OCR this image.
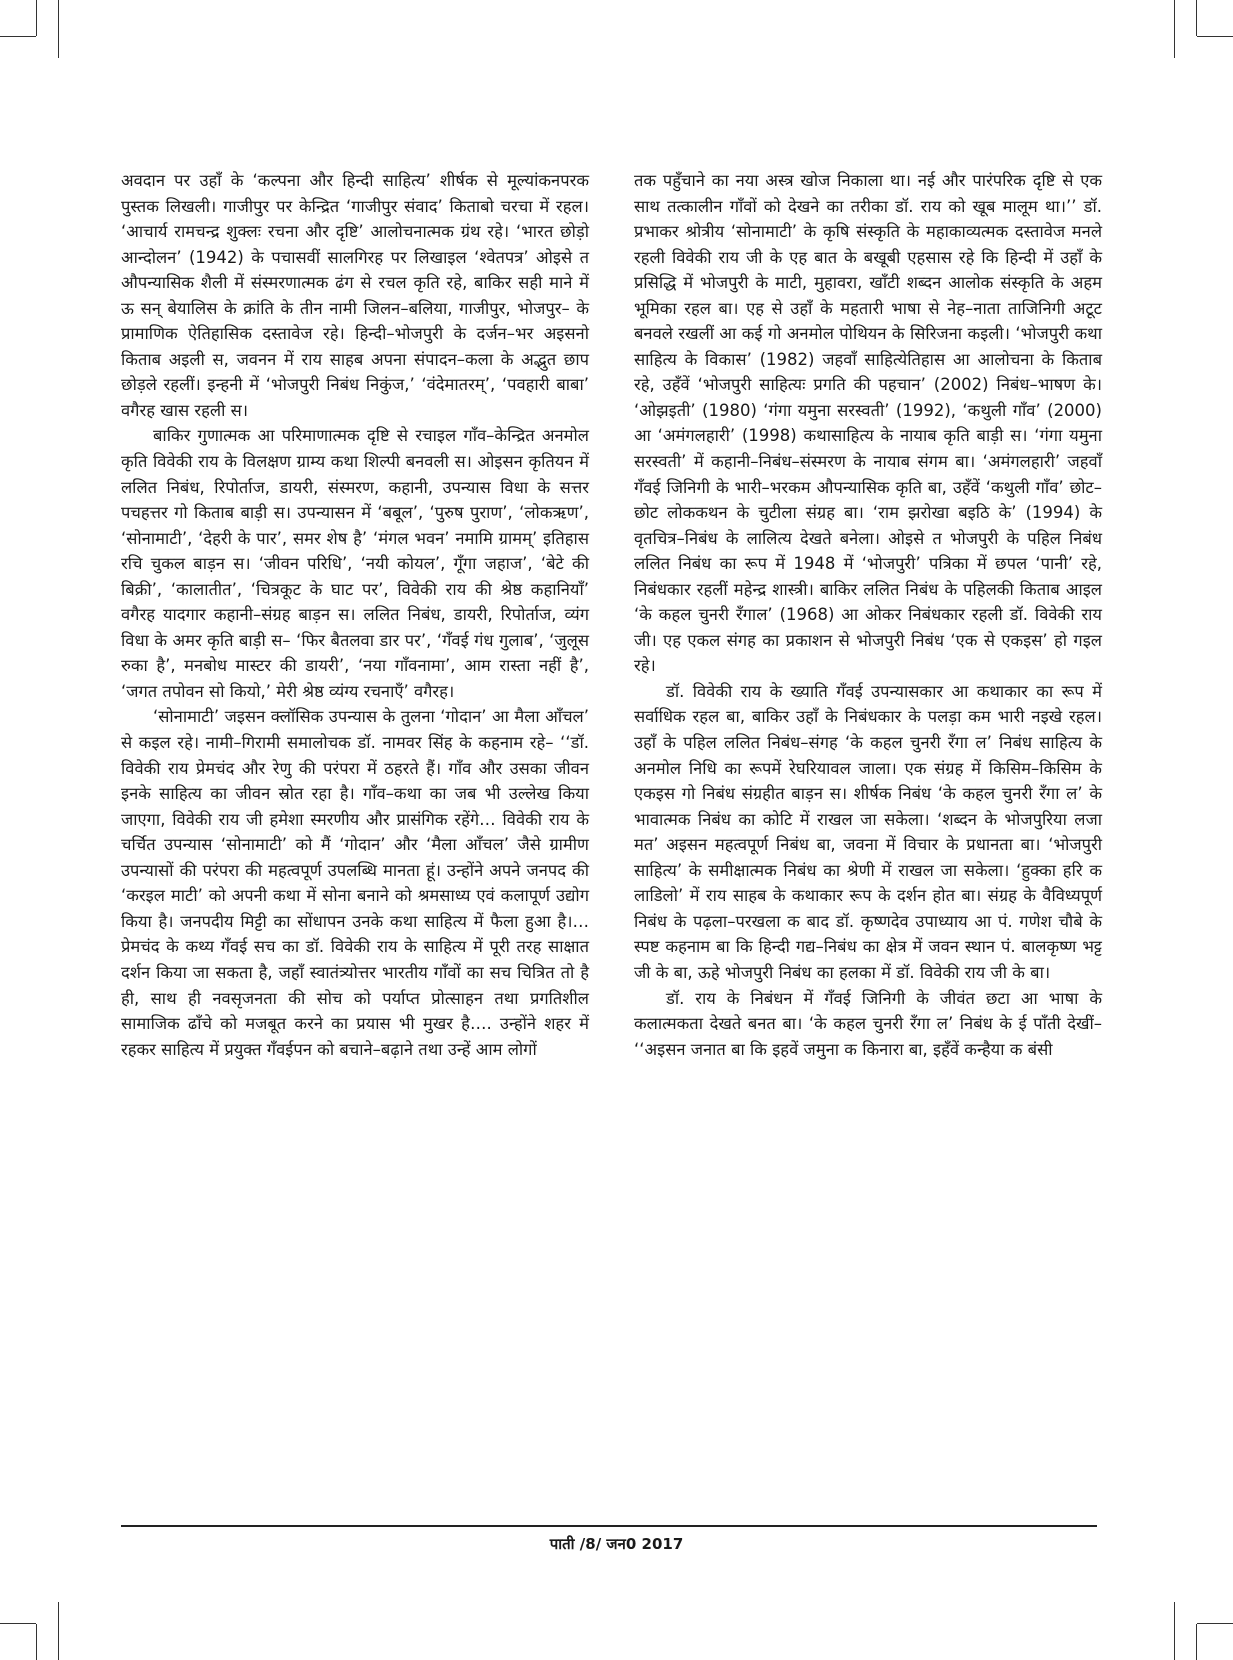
अवदान पर उहाँ के ‘कल्पना और हिन्दी साहित्य’ शीर्षक से मूल्यांकनपरक पुस्तक लिखली। गाजीपुर पर केन्द्रित ‘गाजीपुर संवाद’ किताबो चरचा में रहल। ‘आचार्य रामचन्द्र शुक्लः रचना और दृष्टि’ आलोचनात्मक ग्रंथ रहे। ‘भारत छोड़ो आन्दोलन’ (1942) के पचासवीं सालगिरह पर लिखाइल ‘श्वेतपत्र’ ओइसे त औपन्यासिक शैली में संस्मरणात्मक ढंग से रचल कृति रहे, बाकिर सही माने में ऊ सन् बेयालिस के क्रांति के तीन नामी जिलन–बलिया, गाजीपुर, भोजपुर– के प्रामाणिक ऐतिहासिक दस्तावेज रहे। हिन्दी–भोजपुरी के दर्जन–भर अइसनो किताब अइली स, जवनन में राय साहब अपना संपादन–कला के अद्भुत छाप छोड़ले रहलीं। इन्हनी में ‘भोजपुरी निबंध निकुंज,’ ‘वंदेमातरम्’, ‘पवहारी बाबा’ वगैरह खास रहली स।

बाकिर गुणात्मक आ परिमाणात्मक दृष्टि से रचाइल गाँव–केन्द्रित अनमोल कृति विवेकी राय के विलक्षण ग्राम्य कथा शिल्पी बनवली स। ओइसन कृतियन में ललित निबंध, रिपोर्ताज, डायरी, संस्मरण, कहानी, उपन्यास विधा के सत्तर पचहत्तर गो किताब बाड़ी स। उपन्यासन में ‘बबूल’, ‘पुरुष पुराण’, ‘लोकऋण’, ‘सोनामाटी’, ‘देहरी के पार’, समर शेष है’ ‘मंगल भवन’ नमामि ग्रामम्’ इतिहास रचि चुकल बाड़न स। ‘जीवन परिधि’, ‘नयी कोयल’, गूँगा जहाज’, ‘बेटे की बिक्री’, ‘कालातीत’, ‘चित्रकूट के घाट पर’, विवेकी राय की श्रेष्ठ कहानियाँ’ वगैरह यादगार कहानी–संग्रह बाड़न स। ललित निबंध, डायरी, रिपोर्ताज, व्यंग विधा के अमर कृति बाड़ी स– ‘फिर बैतलवा डार पर’, ‘गँवई गंध गुलाब’, ‘जुलूस रुका है’, मनबोध मास्टर की डायरी’, ‘नया गाँवनामा’, आम रास्ता नहीं है’, ‘जगत तपोवन सो कियो,’ मेरी श्रेष्ठ व्यंग्य रचनाएँ’ वगैरह।

‘सोनामाटी’ जइसन क्लॉसिक उपन्यास के तुलना ‘गोदान’ आ मैला आँचल’ से कइल रहे। नामी–गिरामी समालोचक डॉ. नामवर सिंह के कहनाम रहे– ‘‘डॉ. विवेकी राय प्रेमचंद और रेणु की परंपरा में ठहरते हैं। गाँव और उसका जीवन इनके साहित्य का जीवन स्रोत रहा है। गाँव–कथा का जब भी उल्लेख किया जाएगा, विवेकी राय जी हमेशा स्मरणीय और प्रासंगिक रहेंगे… विवेकी राय के चर्चित उपन्यास ‘सोनामाटी’ को मैं ‘गोदान’ और ‘मैला आँचल’ जैसे ग्रामीण उपन्यासों की परंपरा की महत्वपूर्ण उपलब्धि मानता हूं। उन्होंने अपने जनपद की ‘करइल माटी’ को अपनी कथा में सोना बनाने को श्रमसाध्य एवं कलापूर्ण उद्योग किया है। जनपदीय मिट्टी का सोंधापन उनके कथा साहित्य में फैला हुआ है।…प्रेमचंद के कथ्य गँवई सच का डॉ. विवेकी राय के साहित्य में पूरी तरह साक्षात दर्शन किया जा सकता है, जहाँ स्वातंत्र्योत्तर भारतीय गाँवों का सच चित्रित तो है ही, साथ ही नवसृजनता की सोच को पर्याप्त प्रोत्साहन तथा प्रगतिशील सामाजिक ढाँचे को मजबूत करने का प्रयास भी मुखर है…. उन्होंने शहर में रहकर साहित्य में प्रयुक्त गँवईपन को बचाने–बढ़ाने तथा उन्हें आम लोगों

तक पहुँचाने का नया अस्त्र खोज निकाला था। नई और पारंपरिक दृष्टि से एक साथ तत्कालीन गाँवों को देखने का तरीका डॉ. राय को खूब मालूम था।’’ डॉ. प्रभाकर श्रोत्रीय ‘सोनामाटी’ के कृषि संस्कृति के महाकाव्यत्मक दस्तावेज मनले रहली विवेकी राय जी के एह बात के बखूबी एहसास रहे कि हिन्दी में उहाँ के प्रसिद्धि में भोजपुरी के माटी, मुहावरा, खाँटी शब्दन आलोक संस्कृति के अहम भूमिका रहल बा। एह से उहाँ के महतारी भाषा से नेह–नाता ताजिनिगी अटूट बनवले रखलीं आ कई गो अनमोल पोथियन के सिरिजना कइली। ‘भोजपुरी कथा साहित्य के विकास’ (1982) जहवाँ साहित्येतिहास आ आलोचना के किताब रहे, उहँवें ‘भोजपुरी साहित्यः प्रगति की पहचान’ (2002) निबंध–भाषण के। ‘ओझइती’ (1980) ‘गंगा यमुना सरस्वती’ (1992), ‘कथुली गाँव’ (2000) आ ‘अमंगलहारी’ (1998) कथासाहित्य के नायाब कृति बाड़ी स। ‘गंगा यमुना सरस्वती’ में कहानी–निबंध–संस्मरण के नायाब संगम बा। ‘अमंगलहारी’ जहवाँ गँवई जिनिगी के भारी–भरकम औपन्यासिक कृति बा, उहँवें ‘कथुली गाँव’ छोट–छोट लोककथन के चुटीला संग्रह बा। ‘राम झरोखा बइठि के’ (1994) के वृतचित्र–निबंध के लालित्य देखते बनेला। ओइसे त भोजपुरी के पहिल निबंध ललित निबंध का रूप में 1948 में ‘भोजपुरी’ पत्रिका में छपल ‘पानी’ रहे, निबंधकार रहलीं महेन्द्र शास्त्री। बाकिर ललित निबंध के पहिलकी किताब आइल ‘के कहल चुनरी रँगाल’ (1968) आ ओकर निबंधकार रहली डॉ. विवेकी राय जी। एह एकल संगह का प्रकाशन से भोजपुरी निबंध ‘एक से एकइस’ हो गइल रहे।

डॉ. विवेकी राय के ख्याति गँवई उपन्यासकार आ कथाकार का रूप में सर्वाधिक रहल बा, बाकिर उहाँ के निबंधकार के पलड़ा कम भारी नइखे रहल। उहाँ के पहिल ललित निबंध–संगह ‘के कहल चुनरी रँगा ल’ निबंध साहित्य के अनमोल निधि का रूपमें रेघरियावल जाला। एक संग्रह में किसिम–किसिम के एकइस गो निबंध संग्रहीत बाड़न स। शीर्षक निबंध ‘के कहल चुनरी रँगा ल’ के भावात्मक निबंध का कोटि में राखल जा सकेला। ‘शब्दन के भोजपुरिया लजा मत’ अइसन महत्वपूर्ण निबंध बा, जवना में विचार के प्रधानता बा। ‘भोजपुरी साहित्य’ के समीक्षात्मक निबंध का श्रेणी में राखल जा सकेला। ‘हुक्का हरि क लाडिलो’ में राय साहब के कथाकार रूप के दर्शन होत बा। संग्रह के वैविध्यपूर्ण निबंध के पढ़ला–परखला क बाद डॉ. कृष्णदेव उपाध्याय आ पं. गणेश चौबे के स्पष्ट कहनाम बा कि हिन्दी गद्य–निबंध का क्षेत्र में जवन स्थान पं. बालकृष्ण भट्ट जी के बा, ऊहे भोजपुरी निबंध का हलका में डॉ. विवेकी राय जी के बा।

डॉ. राय के निबंधन में गँवई जिनिगी के जीवंत छटा आ भाषा के कलात्मकता देखते बनत बा। ‘के कहल चुनरी रँगा ल’ निबंध के ई पाँती देखीं– ‘‘अइसन जनात बा कि इहवें जमुना क किनारा बा, इहँवें कन्हैया क बंसी

पाती /8/ जन0 2017
